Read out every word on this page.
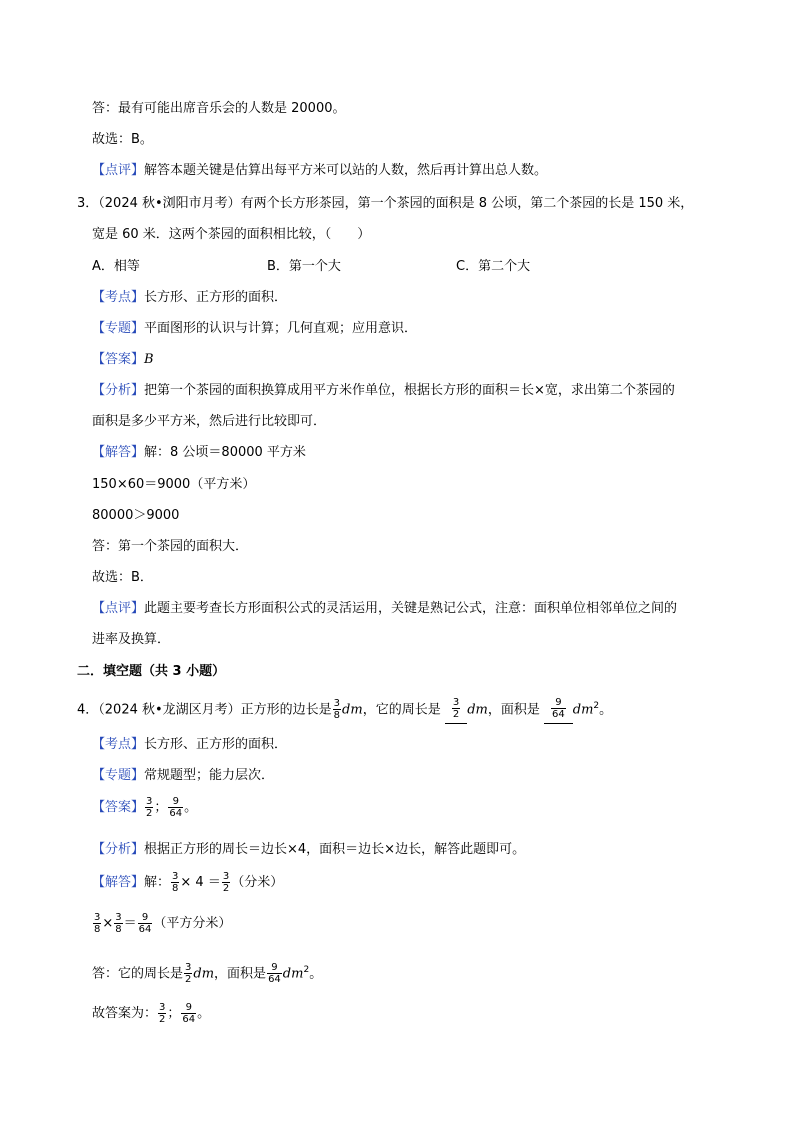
答：最有可能出席音乐会的人数是 20000。
故选：B。
【点评】解答本题关键是估算出每平方米可以站的人数，然后再计算出总人数。
3．（2024 秋•浏阳市月考）有两个长方形茶园，第一个茶园的面积是 8 公顷，第二个茶园的长是 150 米，
宽是 60 米．这两个茶园的面积相比较，（　　）
A．相等	B．第一个大	C．第二个大
【考点】长方形、正方形的面积．
【专题】平面图形的认识与计算；几何直观；应用意识．
【答案】B
【分析】把第一个茶园的面积换算成用平方米作单位，根据长方形的面积＝长×宽，求出第二个茶园的
面积是多少平方米，然后进行比较即可．
【解答】解：8 公顷＝80000 平方米
150×60＝9000（平方米）
80000＞9000
答：第一个茶园的面积大．
故选：B．
【点评】此题主要考查长方形面积公式的灵活运用，关键是熟记公式，注意：面积单位相邻单位之间的
进率及换算．
二．填空题（共 3 小题）
4．（2024 秋•龙湖区月考）正方形的边长是 $\frac{3}{8}$ dm，它的周长是 $\frac{3}{2}$ dm，面积是 $\frac{9}{64} dm^2$。
【考点】长方形、正方形的面积．
【专题】常规题型；能力层次．
【答案】 $\frac{3}{2}$ ； $\frac{9}{64}$ 。
【分析】根据正方形的周长＝边长×4，面积＝边长×边长，解答此题即可。
【解答】解： $\frac{3}{8} \times 4 = \frac{3}{2}$ （分米）
$\frac{3}{8} \times \frac{3}{8} = \frac{9}{64}$ （平方分米）
答：它的周长是 $\frac{3}{2}$ dm，面积是 $\frac{9}{64} dm^2$。
故答案为： $\frac{3}{2}$ ； $\frac{9}{64}$ 。
